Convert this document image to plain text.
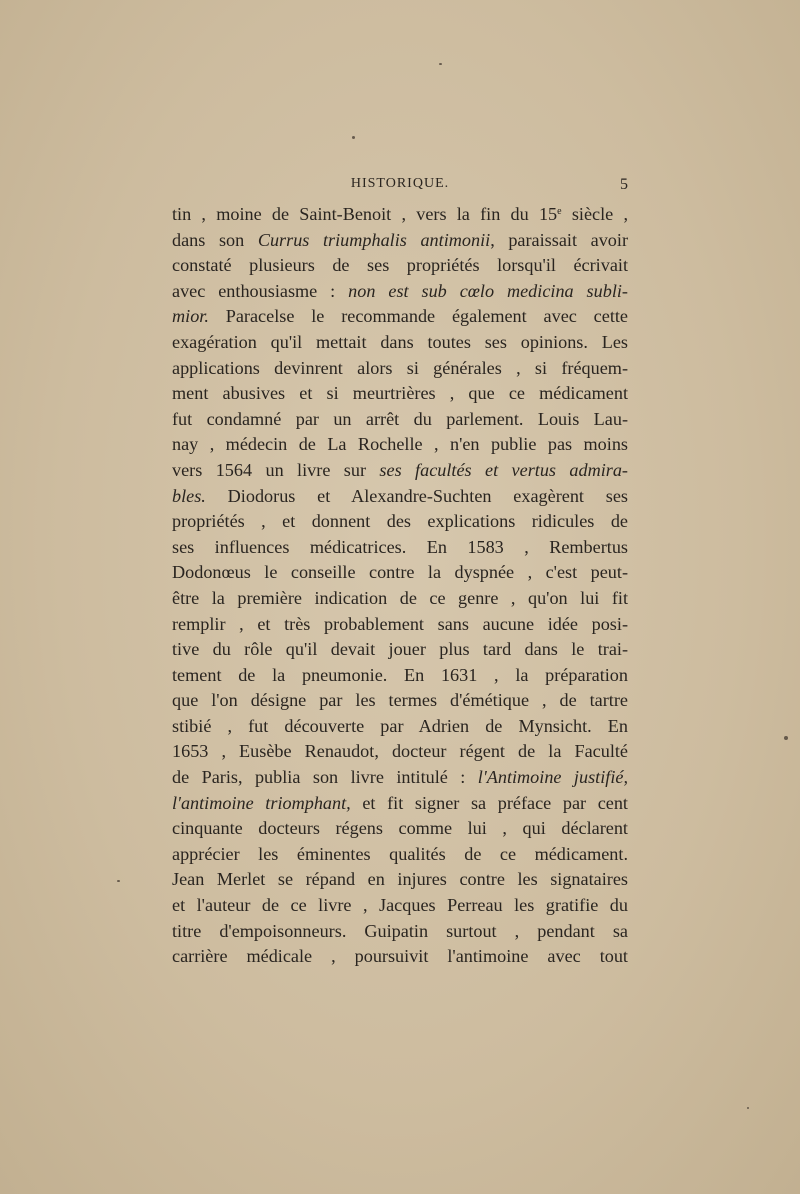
HISTORIQUE.	5
tin , moine de Saint-Benoit , vers la fin du 15e siècle ,
dans son Currus triumphalis antimonii, paraissait avoir
constaté plusieurs de ses propriétés lorsqu'il écrivait
avec enthousiasme : non est sub cœlo medicina subli-
mior. Paracelse le recommande également avec cette
exagération qu'il mettait dans toutes ses opinions. Les
applications devinrent alors si générales , si fréquem-
ment abusives et si meurtrières , que ce médicament
fut condamné par un arrêt du parlement. Louis Lau-
nay , médecin de La Rochelle , n'en publie pas moins
vers 1564 un livre sur ses facultés et vertus admira-
bles. Diodorus et Alexandre-Suchten exagèrent ses
propriétés , et donnent des explications ridicules de
ses influences médicatrices. En 1583 , Rembertus
Dodonœus le conseille contre la dyspnée , c'est peut-
être la première indication de ce genre , qu'on lui fit
remplir , et très probablement sans aucune idée posi-
tive du rôle qu'il devait jouer plus tard dans le trai-
tement de la pneumonie. En 1631 , la préparation
que l'on désigne par les termes d'émétique , de tartre
stibié , fut découverte par Adrien de Mynsicht. En
1653 , Eusèbe Renaudot, docteur régent de la Faculté
de Paris, publia son livre intitulé : l'Antimoine justifié,
l'antimoine triomphant, et fit signer sa préface par cent
cinquante docteurs régens comme lui , qui déclarent
apprécier les éminentes qualités de ce médicament.
Jean Merlet se répand en injures contre les signataires
et l'auteur de ce livre , Jacques Perreau les gratifie du
titre d'empoisonneurs. Guipatin surtout , pendant sa
carrière médicale , poursuivit l'antimoine avec tout
